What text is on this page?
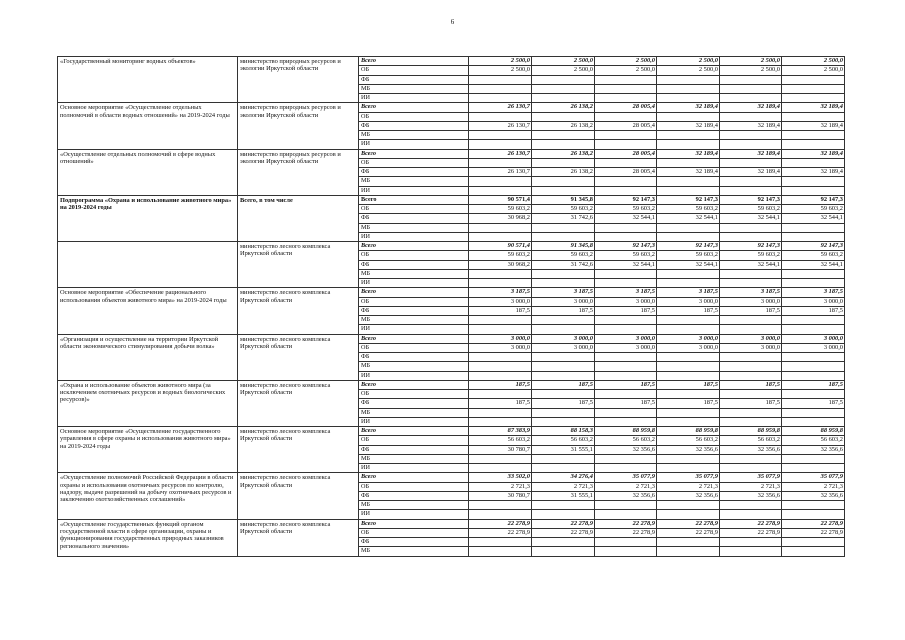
6
«Государственный мониторинг водных объектов»	министерство природных ресурсов и экологии Иркутской области	Всего	2 500,0	2 500,0	2 500,0	2 500,0	2 500,0	2 500,0
		ОБ	2 500,0	2 500,0	2 500,0	2 500,0	2 500,0	2 500,0
		ФБ						
		МБ						
		ИИ						
Основное мероприятие «Осуществление отдельных полномочий в области водных отношений» на 2019-2024 годы	министерство природных ресурсов и экологии Иркутской области	Всего	26 130,7	26 138,2	28 005,4	32 189,4	32 189,4	32 189,4
		ОБ						
		ФБ	26 130,7	26 138,2	28 005,4	32 189,4	32 189,4	32 189,4
		МБ						
		ИИ						
«Осуществление отдельных полномочий в сфере водных отношений»	министерство природных ресурсов и экологии Иркутской области	Всего	26 130,7	26 138,2	28 005,4	32 189,4	32 189,4	32 189,4
		ОБ						
		ФБ	26 130,7	26 138,2	28 005,4	32 189,4	32 189,4	32 189,4
		МБ						
		ИИ						
Подпрограмма «Охрана и использование животного мира» на 2019-2024 годы	Всего, в том числе	Всего	90 571,4	91 345,8	92 147,3	92 147,3	92 147,3	92 147,3
		ОБ	59 603,2	59 603,2	59 603,2	59 603,2	59 603,2	59 603,2
		ФБ	30 968,2	31 742,6	32 544,1	32 544,1	32 544,1	32 544,1
		МБ						
		ИИ						
	министерство лесного комплекса Иркутской области	Всего	90 571,4	91 345,8	92 147,3	92 147,3	92 147,3	92 147,3
		ОБ	59 603,2	59 603,2	59 603,2	59 603,2	59 603,2	59 603,2
		ФБ	30 968,2	31 742,6	32 544,1	32 544,1	32 544,1	32 544,1
		МБ						
		ИИ						
Основное мероприятие «Обеспечение рационального использования объектов животного мира» на 2019-2024 годы	министерство лесного комплекса Иркутской области	Всего	3 187,5	3 187,5	3 187,5	3 187,5	3 187,5	3 187,5
		ОБ	3 000,0	3 000,0	3 000,0	3 000,0	3 000,0	3 000,0
		ФБ	187,5	187,5	187,5	187,5	187,5	187,5
		МБ						
		ИИ						
«Организация и осуществление на территории Иркутской области экономического стимулирования добычи волка»	министерство лесного комплекса Иркутской области	Всего	3 000,0	3 000,0	3 000,0	3 000,0	3 000,0	3 000,0
		ОБ	3 000,0	3 000,0	3 000,0	3 000,0	3 000,0	3 000,0
		ФБ						
		МБ						
		ИИ						
«Охрана и использование объектов животного мира (за исключением охотничьих ресурсов и водных биологических ресурсов)»	министерство лесного комплекса Иркутской области	Всего	187,5	187,5	187,5	187,5	187,5	187,5
		ОБ						
		ФБ	187,5	187,5	187,5	187,5	187,5	187,5
		МБ						
		ИИ						
Основное мероприятие «Осуществление государственного управления в сфере охраны и использования животного мира» на 2019-2024 годы	министерство лесного комплекса Иркутской области	Всего	87 383,9	88 158,3	88 959,8	88 959,8	88 959,8	88 959,8
		ОБ	56 603,2	56 603,2	56 603,2	56 603,2	56 603,2	56 603,2
		ФБ	30 780,7	31 555,1	32 356,6	32 356,6	32 356,6	32 356,6
		МБ						
		ИИ						
«Осуществление полномочий Российской Федерации в области охраны и использования охотничьих ресурсов по контролю, надзору, выдаче разрешений на добычу охотничьих ресурсов и заключению охотхозяйственных соглашений»	министерство лесного комплекса Иркутской области	Всего	33 502,0	34 276,4	35 077,9	35 077,9	35 077,9	35 077,9
		ОБ	2 721,3	2 721,3	2 721,3	2 721,3	2 721,3	2 721,3
		ФБ	30 780,7	31 555,1	32 356,6	32 356,6	32 356,6	32 356,6
		МБ						
		ИИ						
«Осуществление государственных функций органом государственной власти в сфере организации, охраны и функционирования государственных природных заказников регионального значения»	министерство лесного комплекса Иркутской области	Всего	22 278,9	22 278,9	22 278,9	22 278,9	22 278,9	22 278,9
		ОБ	22 278,9	22 278,9	22 278,9	22 278,9	22 278,9	22 278,9
		ФБ						
		МБ						
